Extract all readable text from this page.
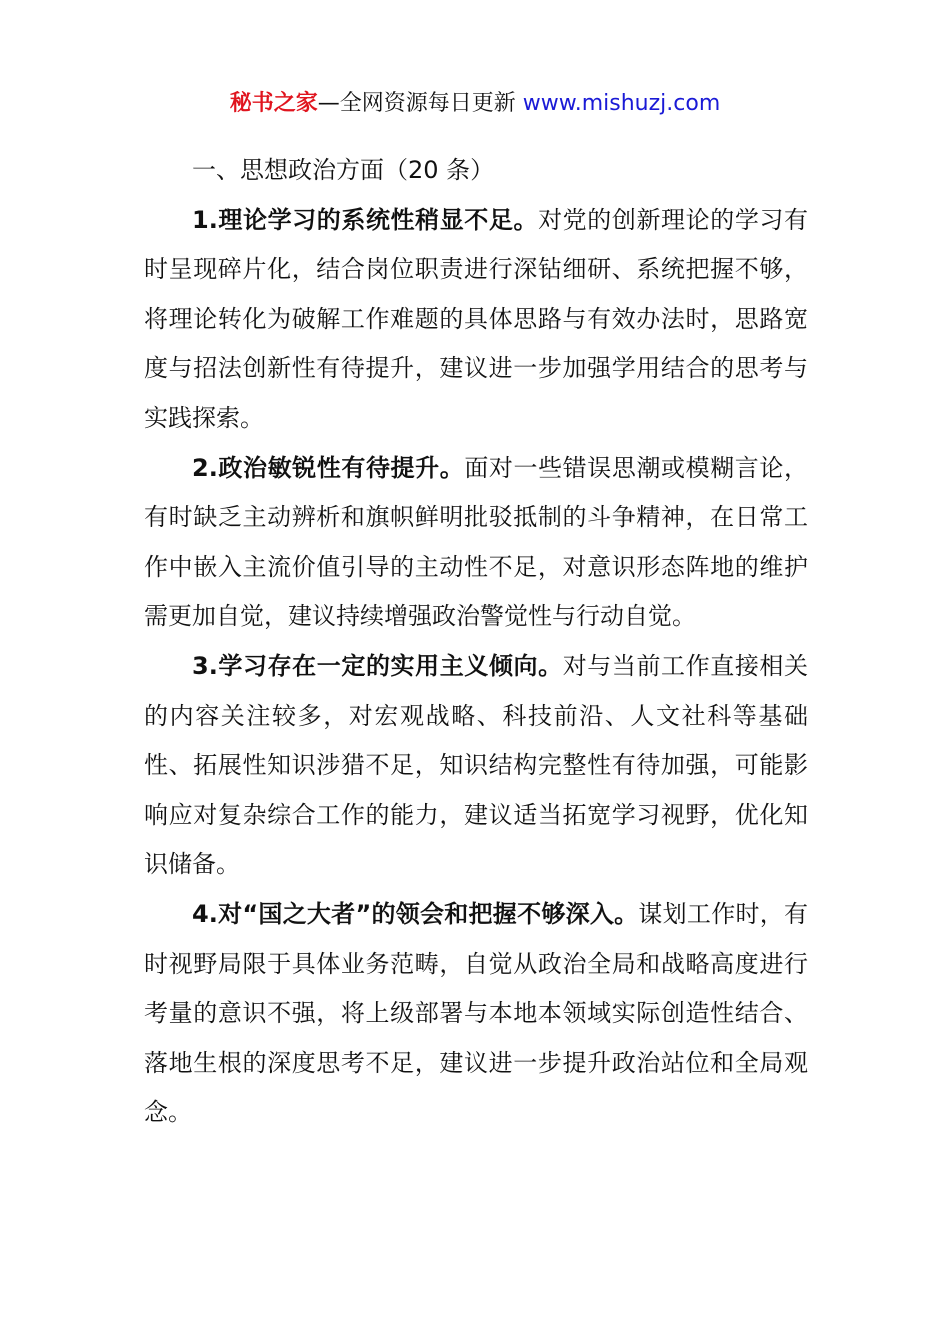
秘书之家—全网资源每日更新 www.mishuzj.com

一、思想政治方面（20 条）

1.理论学习的系统性稍显不足。对党的创新理论的学习有时呈现碎片化，结合岗位职责进行深钻细研、系统把握不够，将理论转化为破解工作难题的具体思路与有效办法时，思路宽度与招法创新性有待提升，建议进一步加强学用结合的思考与实践探索。

2.政治敏锐性有待提升。面对一些错误思潮或模糊言论，有时缺乏主动辨析和旗帜鲜明批驳抵制的斗争精神，在日常工作中嵌入主流价值引导的主动性不足，对意识形态阵地的维护需更加自觉，建议持续增强政治警觉性与行动自觉。

3.学习存在一定的实用主义倾向。对与当前工作直接相关的内容关注较多，对宏观战略、科技前沿、人文社科等基础性、拓展性知识涉猎不足，知识结构完整性有待加强，可能影响应对复杂综合工作的能力，建议适当拓宽学习视野，优化知识储备。

4.对“国之大者”的领会和把握不够深入。谋划工作时，有时视野局限于具体业务范畴，自觉从政治全局和战略高度进行考量的意识不强，将上级部署与本地本领域实际创造性结合、落地生根的深度思考不足，建议进一步提升政治站位和全局观念。
